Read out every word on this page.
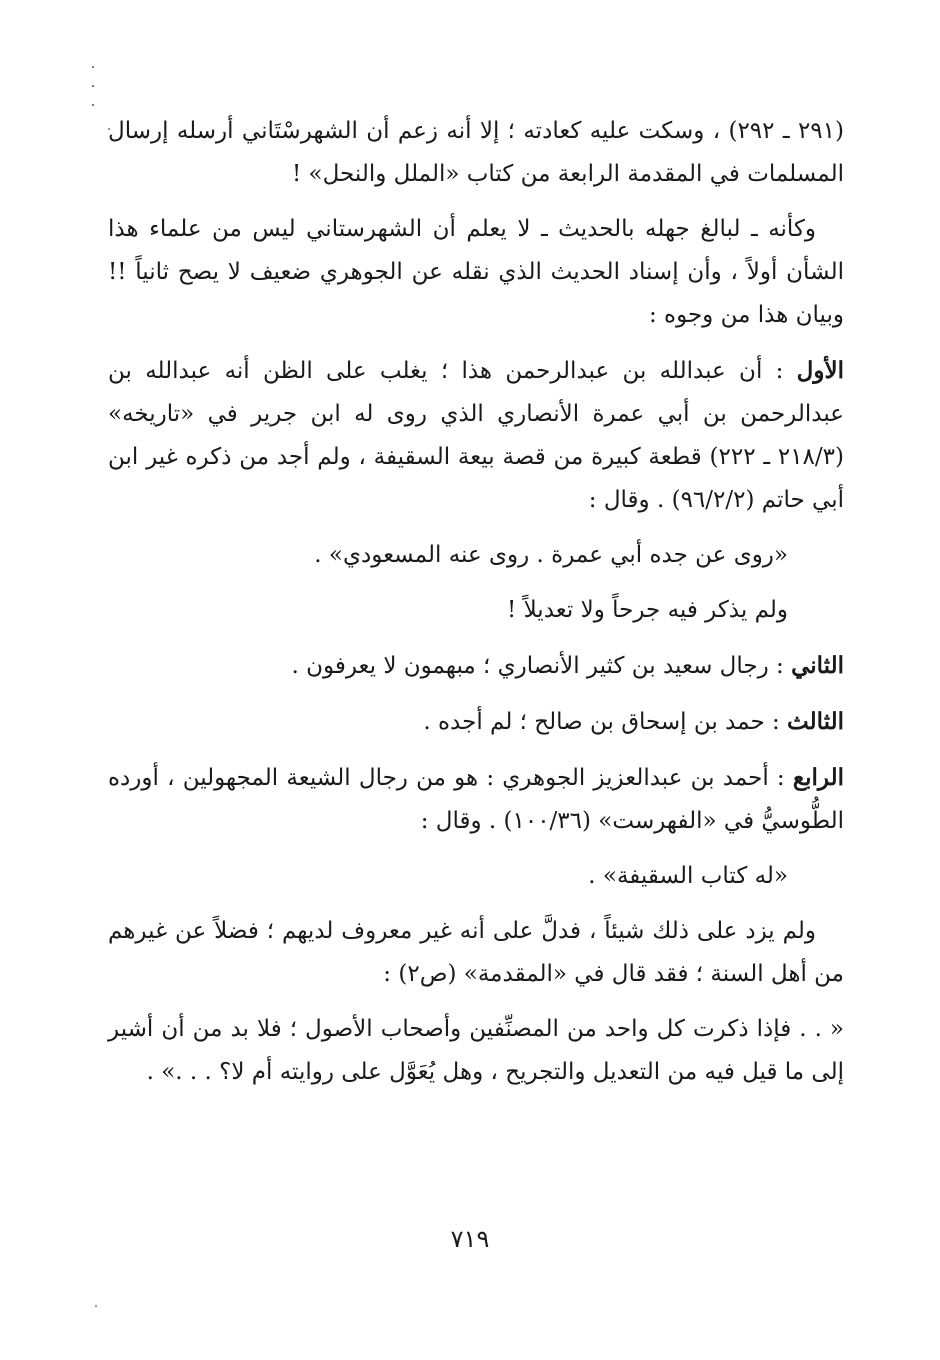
(٢٩١ ـ ٢٩٢) ، وسكت عليه كعادته ؛ إلا أنه زعم أن الشهرسْتَاني أرسله إرسال المسلمات في المقدمة الرابعة من كتاب «الملل والنحل» !

وكأنه ـ لبالغ جهله بالحديث ـ لا يعلم أن الشهرستاني ليس من علماء هذا الشأن أولاً ، وأن إسناد الحديث الذي نقله عن الجوهري ضعيف لا يصح ثانياً !! وبيان هذا من وجوه :

الأول : أن عبدالله بن عبدالرحمن هذا ؛ يغلب على الظن أنه عبدالله بن عبدالرحمن بن أبي عمرة الأنصاري الذي روى له ابن جرير في «تاريخه» (٢١٨/٣ ـ ٢٢٢) قطعة كبيرة من قصة بيعة السقيفة ، ولم أجد من ذكره غير ابن أبي حاتم (٩٦/٢/٢) . وقال :

«روى عن جده أبي عمرة . روى عنه المسعودي» .

ولم يذكر فيه جرحاً ولا تعديلاً !

الثاني : رجال سعيد بن كثير الأنصاري ؛ مبهمون لا يعرفون .

الثالث : حمد بن إسحاق بن صالح ؛ لم أجده .

الرابع : أحمد بن عبدالعزيز الجوهري : هو من رجال الشيعة المجهولين ، أورده الطُّوسيُّ في «الفهرست» (١٠٠/٣٦) . وقال :

«له كتاب السقيفة» .

ولم يزد على ذلك شيئاً ، فدلَّ على أنه غير معروف لديهم ؛ فضلاً عن غيرهم من أهل السنة ؛ فقد قال في «المقدمة» (ص٢) :

« . . فإذا ذكرت كل واحد من المصنِّفين وأصحاب الأصول ؛ فلا بد من أن أشير إلى ما قيل فيه من التعديل والتجريح ، وهل يُعَوَّل على روايته أم لا؟ . . .» .

٧١٩
